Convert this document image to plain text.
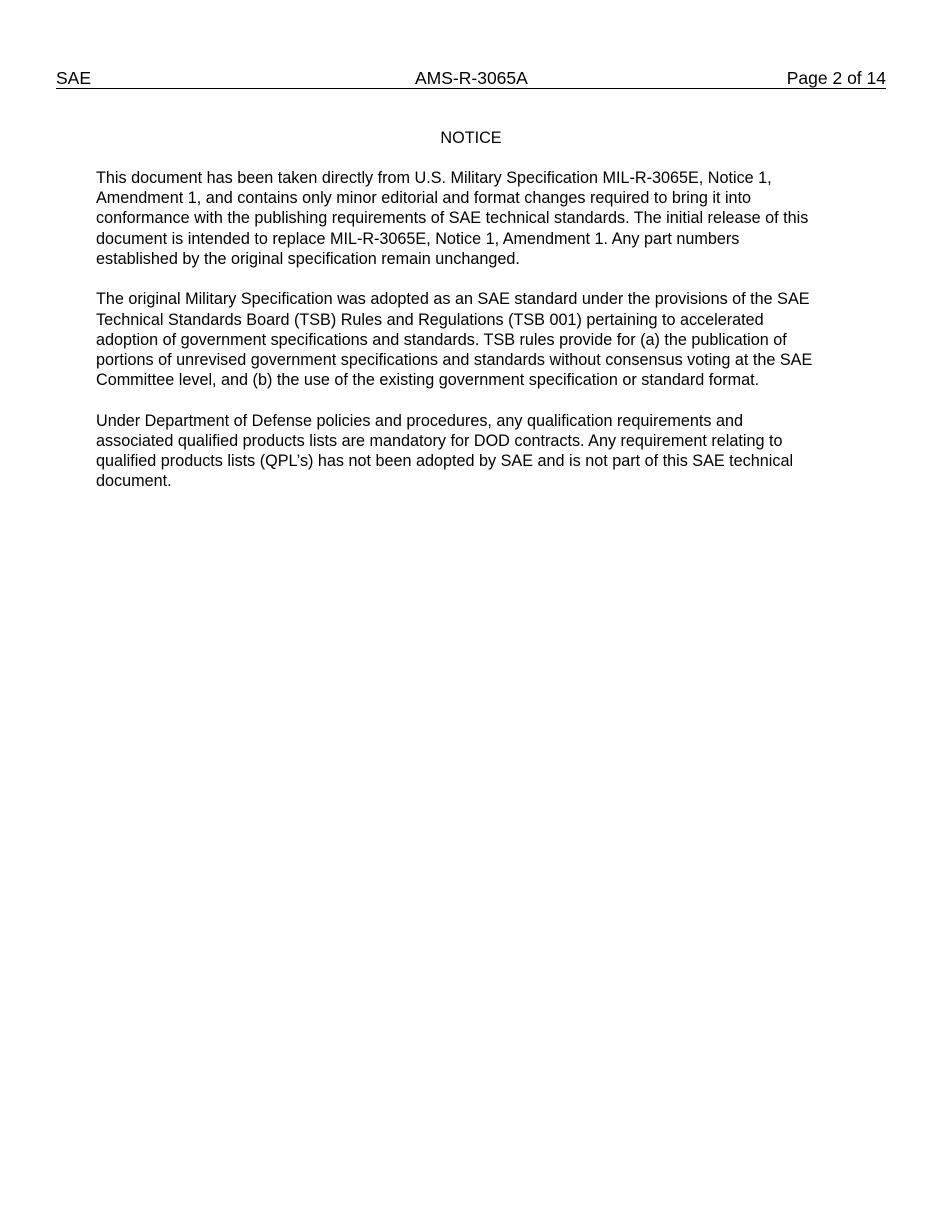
SAE	AMS-R-3065A	Page 2 of 14
NOTICE

This document has been taken directly from U.S. Military Specification MIL-R-3065E, Notice 1,
Amendment 1, and contains only minor editorial and format changes required to bring it into
conformance with the publishing requirements of SAE technical standards. The initial release of this
document is intended to replace MIL-R-3065E, Notice 1, Amendment 1. Any part numbers
established by the original specification remain unchanged.

The original Military Specification was adopted as an SAE standard under the provisions of the SAE
Technical Standards Board (TSB) Rules and Regulations (TSB 001) pertaining to accelerated
adoption of government specifications and standards. TSB rules provide for (a) the publication of
portions of unrevised government specifications and standards without consensus voting at the SAE
Committee level, and (b) the use of the existing government specification or standard format.

Under Department of Defense policies and procedures, any qualification requirements and
associated qualified products lists are mandatory for DOD contracts. Any requirement relating to
qualified products lists (QPL’s) has not been adopted by SAE and is not part of this SAE technical
document.
